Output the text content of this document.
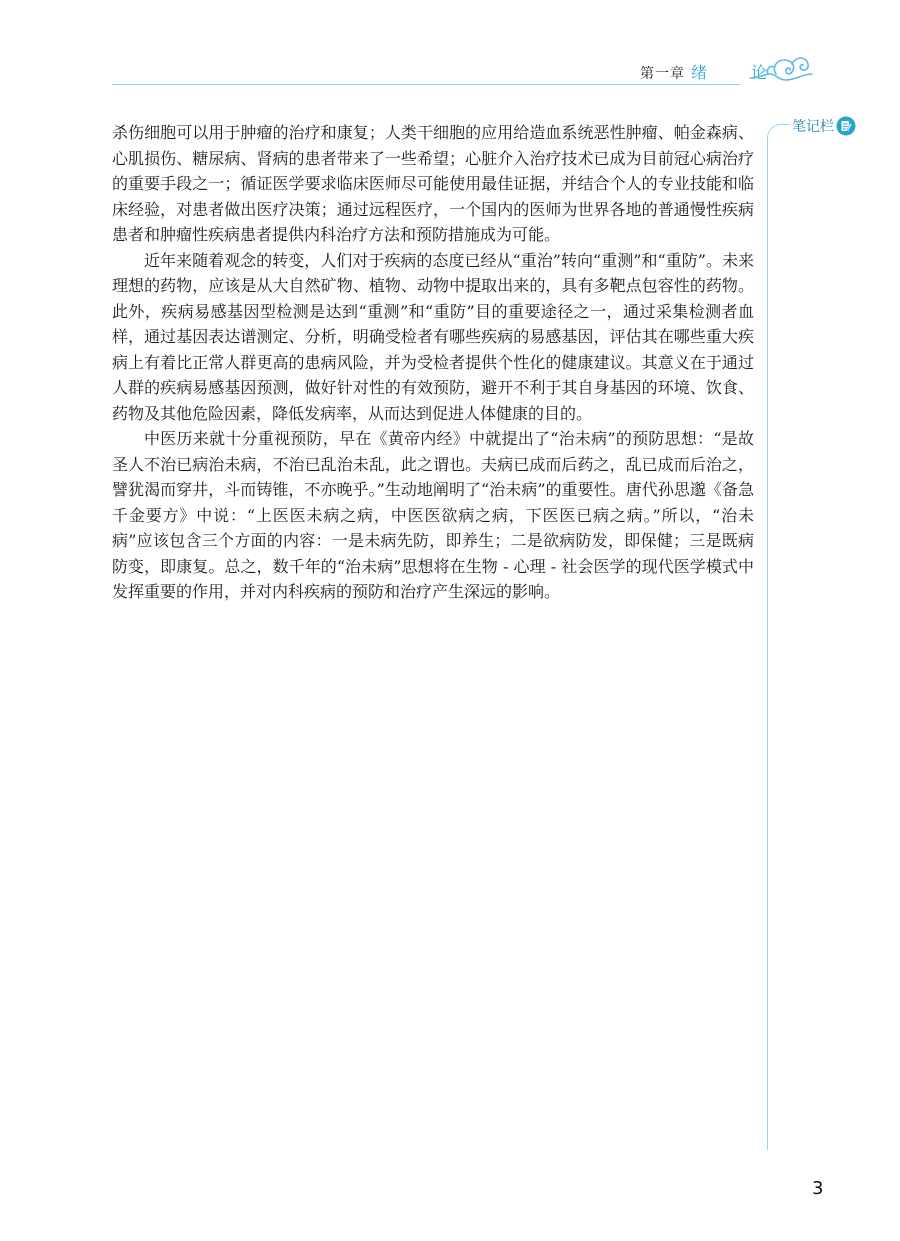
第一章 绪　论
笔记栏

杀伤细胞可以用于肿瘤的治疗和康复；人类干细胞的应用给造血系统恶性肿瘤、帕金森病、心肌损伤、糖尿病、肾病的患者带来了一些希望；心脏介入治疗技术已成为目前冠心病治疗的重要手段之一；循证医学要求临床医师尽可能使用最佳证据，并结合个人的专业技能和临床经验，对患者做出医疗决策；通过远程医疗，一个国内的医师为世界各地的普通慢性疾病患者和肿瘤性疾病患者提供内科治疗方法和预防措施成为可能。

近年来随着观念的转变，人们对于疾病的态度已经从“重治”转向“重测”和“重防”。未来理想的药物，应该是从大自然矿物、植物、动物中提取出来的，具有多靶点包容性的药物。此外，疾病易感基因型检测是达到“重测”和“重防”目的重要途径之一，通过采集检测者血样，通过基因表达谱测定、分析，明确受检者有哪些疾病的易感基因，评估其在哪些重大疾病上有着比正常人群更高的患病风险，并为受检者提供个性化的健康建议。其意义在于通过人群的疾病易感基因预测，做好针对性的有效预防，避开不利于其自身基因的环境、饮食、药物及其他危险因素，降低发病率，从而达到促进人体健康的目的。

中医历来就十分重视预防，早在《黄帝内经》中就提出了“治未病”的预防思想：“是故圣人不治已病治未病，不治已乱治未乱，此之谓也。夫病已成而后药之，乱已成而后治之，譬犹渴而穿井，斗而铸锥，不亦晚乎。”生动地阐明了“治未病”的重要性。唐代孙思邈《备急千金要方》中说：“上医医未病之病，中医医欲病之病，下医医已病之病。”所以，“治未病”应该包含三个方面的内容：一是未病先防，即养生；二是欲病防发，即保健；三是既病防变，即康复。总之，数千年的“治未病”思想将在生物 - 心理 - 社会医学的现代医学模式中发挥重要的作用，并对内科疾病的预防和治疗产生深远的影响。

3
